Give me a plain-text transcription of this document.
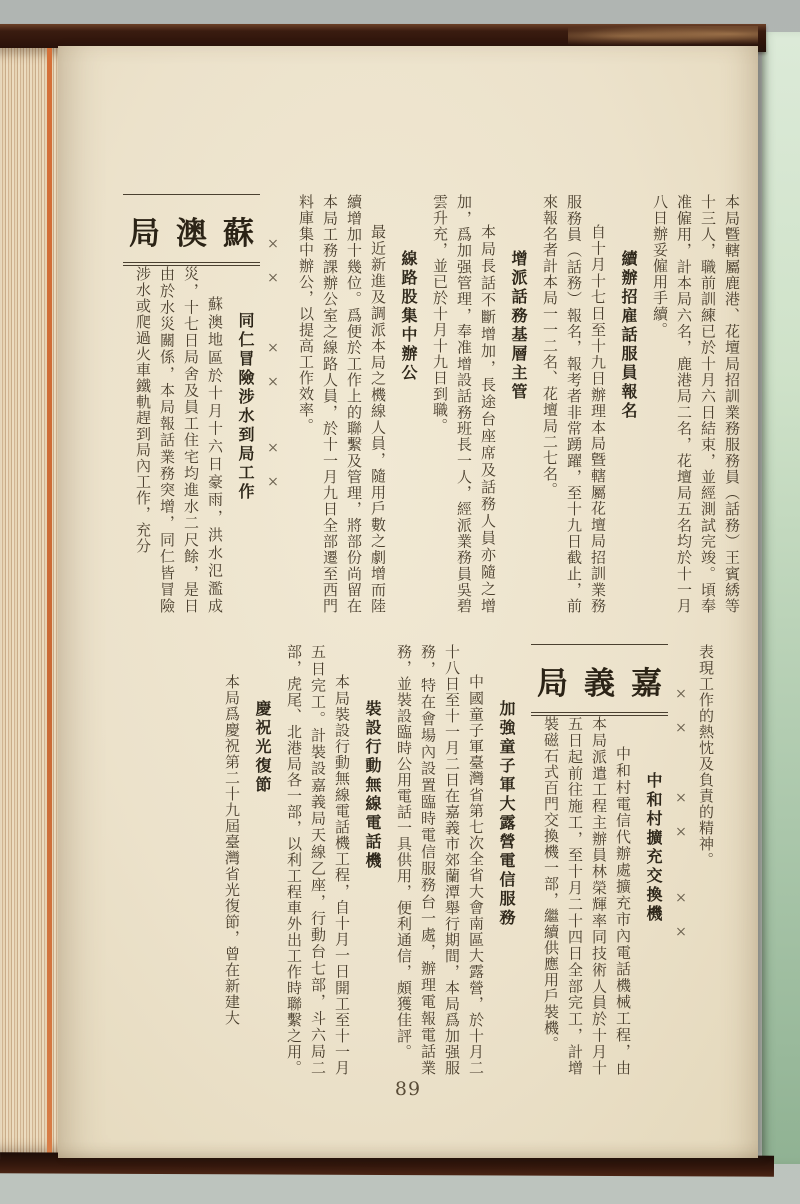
本局曁轄屬鹿港、花壇局招訓業務服務員（話務）王賓綉等十三人，職前訓練已於十月六日結束，並經測試完竣。頃奉准僱用，計本局六名，鹿港局二名，花壇局五名均於十一月八日辦妥僱用手續。

續辦招雇話服員報名

自十月十七日至十九日辦理本局曁轄屬花壇局招訓業務服務員（話務）報名，報考者非常踴躍，至十九日截止，前來報名者計本局一一二名、花壇局二七名。

增派話務基層主管

本局長話不斷增加，長途台座席及話務人員亦隨之增加，爲加强管理，奉准增設話務班長一人，經派業務員吳碧雲升充，並已於十月十九日到職。

線路股集中辦公

最近新進及調派本局之機線人員，隨用戶數之劇增而陸續增加十幾位。爲便於工作上的聯繫及管理，將部份尚留在本局工務課辦公室之線路人員，於十一月九日全部遷至西門料庫集中辦公，以提高工作效率。

×
×
×
×
×
×
蘇
澳
局
同仁冒險涉水到局工作

蘇澳地區於十月十六日豪雨，洪水氾濫成災，十七日局舍及員工住宅均進水二尺餘，是日由於水災關係，本局報話業務突增，同仁皆冒險涉水或爬過火車鐵軌趕到局內工作，充分

表現工作的熱忱及負責的精神。

×
×
×
×
×
×
嘉
義
局
中和村擴充交換機

中和村電信代辦處擴充市內電話機械工程，由本局派遣工程主辦員林榮輝率同技術人員於十月十五日起前往施工，至十月二十四日全部完工，計增裝磁石式百門交換機一部，繼續供應用戶裝機。

加強童子軍大露營電信服務

中國童子軍臺灣省第七次全省大會南區大露營，於十月二十八日至十一月二日在嘉義市郊蘭潭舉行期間，本局爲加强服務，特在會場內設置臨時電信服務台一處，辦理電報電話業務，並裝設臨時公用電話一具供用，便利通信，頗獲佳評。

裝設行動無線電話機

本局裝設行動無線電話機工程，自十月一日開工至十一月五日完工。計裝設嘉義局天線乙座，行動台七部，斗六局二部，虎尾、北港局各一部，以利工程車外出工作時聯繫之用。

慶祝光復節

本局爲慶祝第二十九屆臺灣省光復節，曾在新建大

89
